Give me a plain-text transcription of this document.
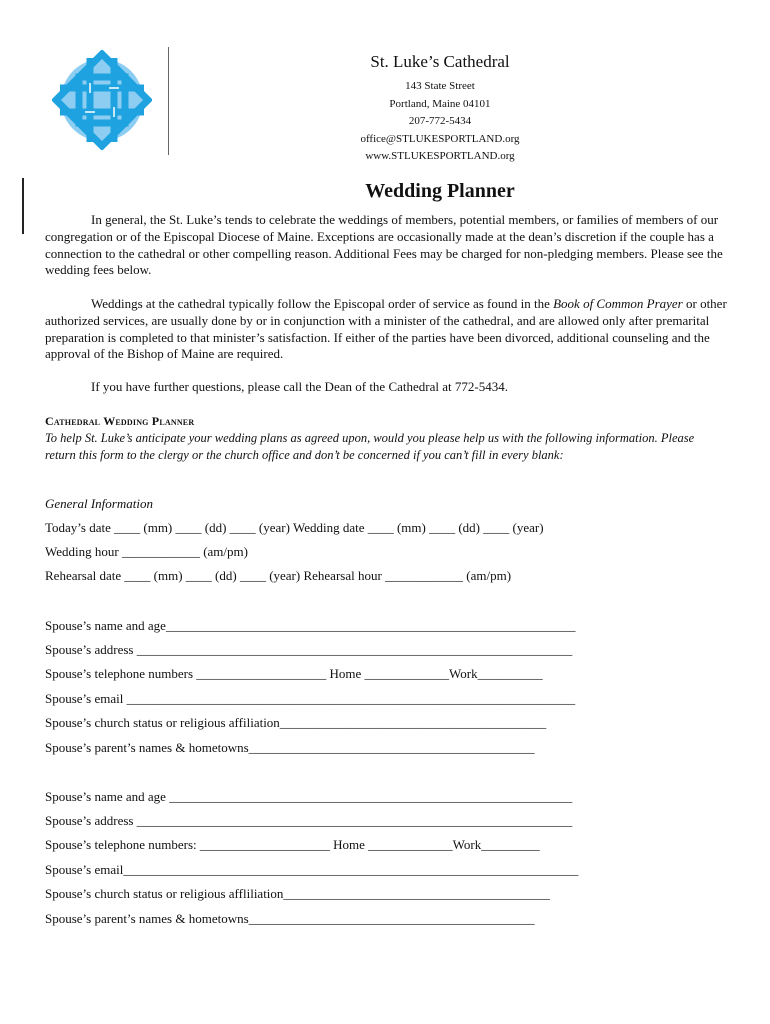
St. Luke’s Cathedral
143 State Street
Portland, Maine 04101
207-772-5434
office@STLUKESPORTLAND.org
www.STLUKESPORTLAND.org
Wedding Planner
In general, the St. Luke’s tends to celebrate the weddings of members, potential members, or families of members of our congregation or of the Episcopal Diocese of Maine. Exceptions are occasionally made at the dean’s discretion if the couple has a connection to the cathedral or other compelling reason. Additional Fees may be charged for non-pledging members. Please see the wedding fees below.
Weddings at the cathedral typically follow the Episcopal order of service as found in the Book of Common Prayer or other authorized services, are usually done by or in conjunction with a minister of the cathedral, and are allowed only after premarital preparation is completed to that minister’s satisfaction. If either of the parties have been divorced, additional counseling and the approval of the Bishop of Maine are required.
If you have further questions, please call the Dean of the Cathedral at 772-5434.
Cathedral Wedding Planner
To help St. Luke’s anticipate your wedding plans as agreed upon, would you please help us with the following information. Please return this form to the clergy or the church office and don’t be concerned if you can’t fill in every blank:
General Information
Today’s date ____ (mm) ____ (dd) ____ (year) Wedding date ____ (mm) ____ (dd) ____ (year)
Wedding hour ____________ (am/pm)
Rehearsal date ____ (mm) ____ (dd) ____ (year) Rehearsal hour ____________ (am/pm)
Spouse’s name and age_______________________________________________________________
Spouse’s address ___________________________________________________________________
Spouse’s telephone numbers ____________________ Home _____________Work__________
Spouse’s email _____________________________________________________________________
Spouse’s church status or religious affiliation_________________________________________
Spouse’s parent’s names & hometowns____________________________________________
Spouse’s name and age ______________________________________________________________
Spouse’s address ___________________________________________________________________
Spouse’s telephone numbers: ____________________ Home _____________Work_________
Spouse’s email______________________________________________________________________
Spouse’s church status or religious affliliation_________________________________________
Spouse’s parent’s names & hometowns____________________________________________
